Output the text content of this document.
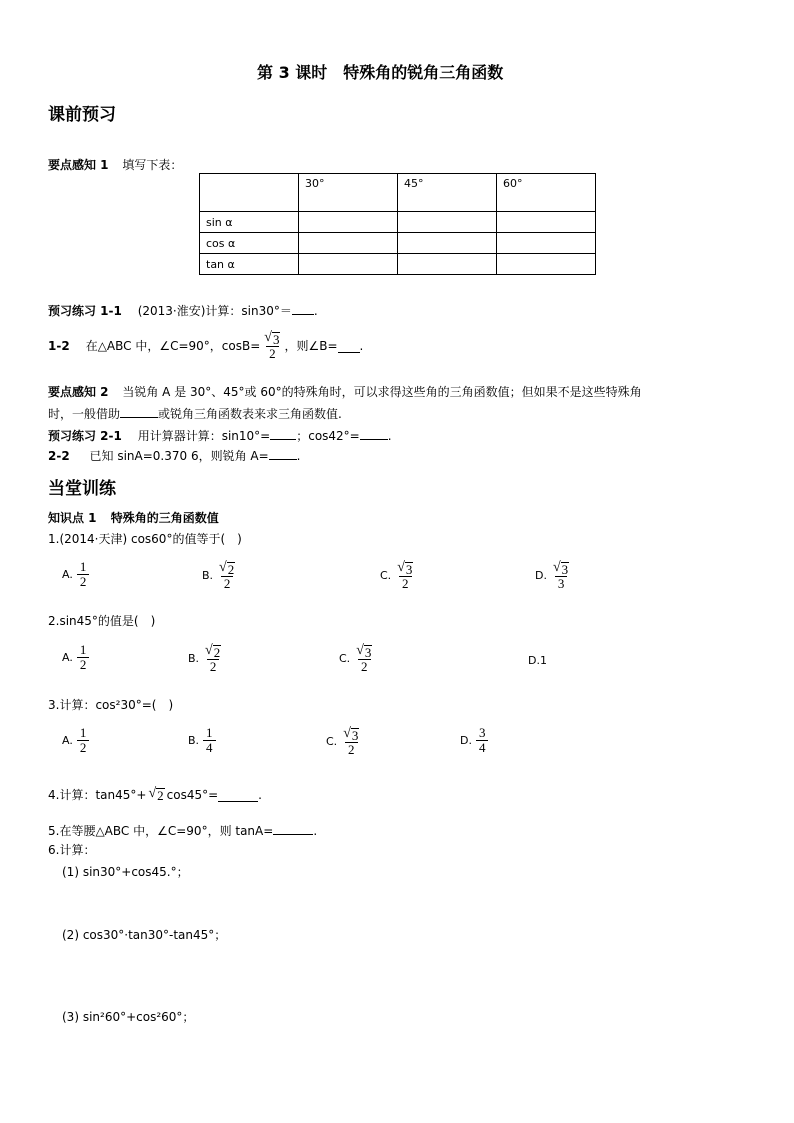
第 3 课时　特殊角的锐角三角函数
课前预习
要点感知 1 填写下表：
	30°	45°	60°
sin α			
cos α			
tan α			
预习练习 1-1 (2013·淮安)计算：sin30°＝ .
1-2 在△ABC 中，∠C=90°，$\cos B= \frac{√ 3}{2}$ ，则∠B= .
要点感知 2 当锐角 A 是 30°、45°或 60°的特殊角时，可以求得这些角的三角函数值；但如果不是这些特殊角
时，一般借助	或锐角三角函数表来求三角函数值.
预习练习 2-1 用计算器计算：sin10°= ；cos42°= .
2-2 已知 sinA=0.370 6，则锐角 A= .
当堂训练
知识点 1 特殊角的三角函数值
1.(2014·天津) cos60°的值等于(　)
A. $\frac{1}{2}$	B. $\frac{√ 2}{2}$	C. $\frac{√ 3}{2}$	D. $\frac{√ 3}{3}$
2.sin45°的值是(　)
A. $\frac{1}{2}$	B. $\frac{√ 2}{2}$	C. $\frac{√ 3}{2}$	D.1
3.计算：cos²30°=(　)
A. $\frac{1}{2}$	B. $\frac{1}{4}$	C. $\frac{√ 3}{2}$	D. $\frac{3}{4}$
4.计算：tan45°+ √ 2 cos45°=	.
5.在等腰△ABC 中，∠C=90°，则 tanA=	.
6.计算：
(1) sin30°+cos45.°；
(2) cos30°·tan30°-tan45°；
(3) sin²60°+cos²60°；
